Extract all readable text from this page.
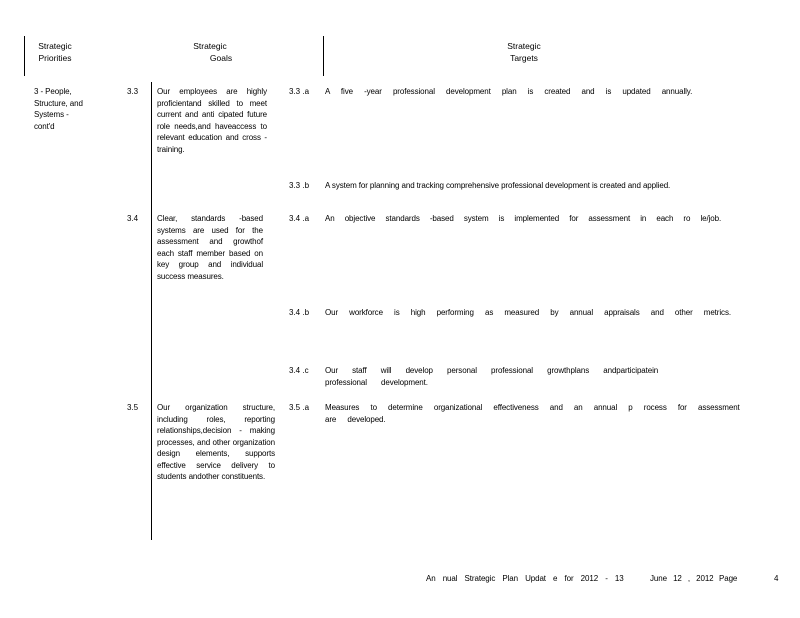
Strategic
Priorities
Strategic
Goals
Strategic
Targets
3 - People,
Structure, and
Systems -
cont'd
3.3 Our employees are highly proficientand skilled to meet current and anti cipated future role needs,and haveaccess to relevant education and cross -training.
3.4 Clear, standards -based systems are used for the assessment and growthof each staff member based on key group and individual success measures.
3.5 Our organization structure, including roles, reporting relationships,decision - making processes, and other organization design elements, supports effective service delivery to students andother constituents.
3.3 .a A five -year professional development plan is created and is updated annually.
3.3 .b A system for planning and tracking comprehensive professional development is created and applied.
3.4 .a An objective standards -based system is implemented for assessment in each ro le/job.
3.4 .b Our workforce is high performing as measured by annual appraisals and other metrics.
3.4 .c Our staff will develop personal professional growthplans andparticipatein professional development.
3.5 .a Measures to determine organizational effectiveness and an annual p rocess for assessment are developed.
An nual Strategic Plan Updat e for 2012 - 13	June 12 , 2012 Page	4
